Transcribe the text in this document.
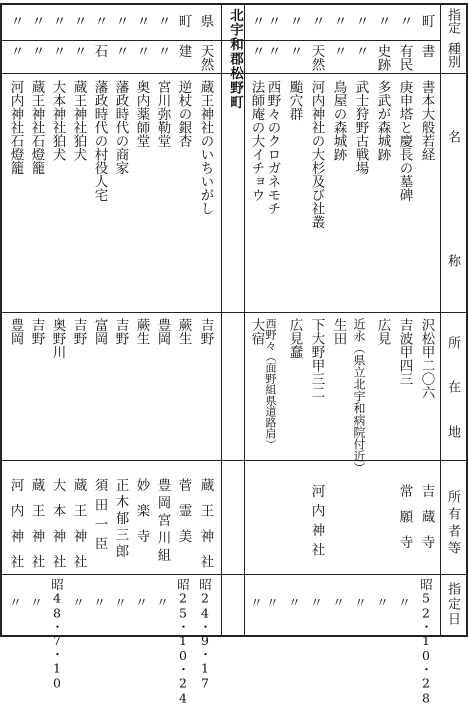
指定
種別
名
称
所
在
地
所有者等
指定日
北宇和郡松野町	町
〃
〃
〃
〃
〃
〃
〃
〃
書
有民
史跡
〃
〃
天然
〃
〃
〃
書本大般若経
庚申塔と慶長の墓碑
多武が森城跡
武士狩野古戦場
鳥屋の森城跡
河内神社の大杉及び社叢
颱穴群
西野々のクロガネモチ
法師庵の大イチョウ
沢松甲二〇六
吉波甲四三
広見
近永（県立北宇和病院付近）
生田
下大野甲三二
広見蠢
西野々（面野組県道路肩）
大宿
吉蔵寺
常願寺
河内神社
昭52・10・28
〃
〃
〃
〃
〃
〃
〃
〃
県
町
〃
〃
〃
〃
〃
〃
〃
〃
天然
建
〃
〃
〃
石
〃
〃
〃
〃
蔵王神社のいちいがし
逆杖の銀杏
宮川弥勒堂
奥内薬師堂
藩政時代の商家
藩政時代の村役人宅
蔵王神社狛犬
大本神社狛犬
蔵王神社石燈籠
河内神社石燈籠
吉野
蕨生
豊岡
蕨生
吉野
富岡
吉野
奥野川
吉野
豊岡
蔵王神社
菅霊美
豊岡宮川組
妙楽寺
正木郁三郎
須田一臣
蔵王神社
大本神社
蔵王神社
河内神社
昭24・9・17
昭25・10・24
〃
〃
〃
〃
〃
昭48・7・10
〃
〃
